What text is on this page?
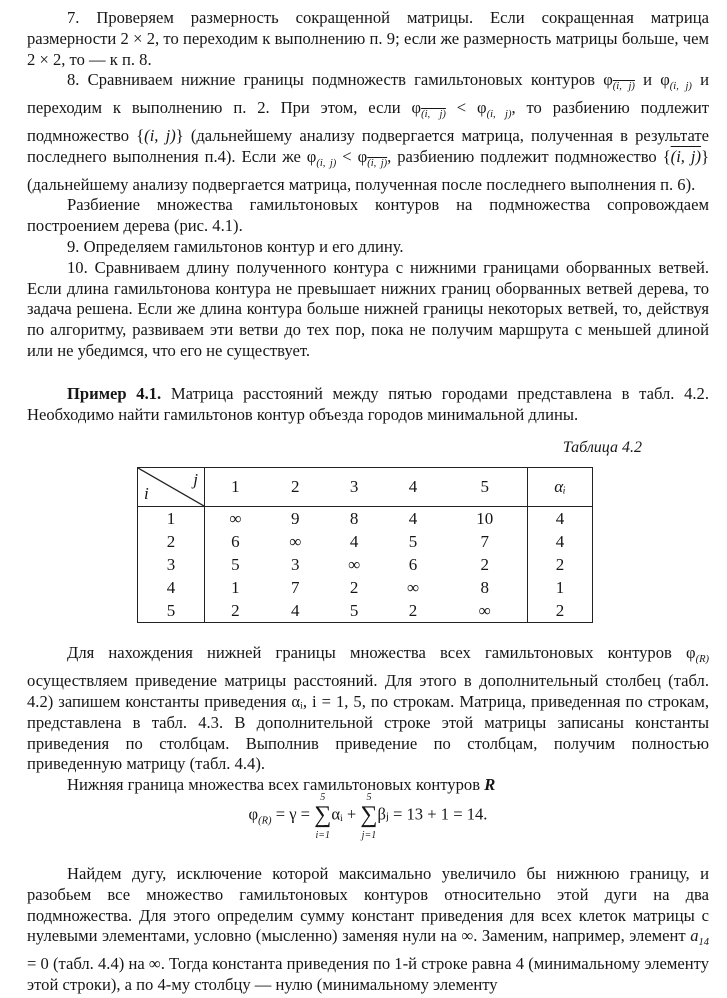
7. Проверяем размерность сокращенной матрицы. Если сокращенная матрица размерности 2 × 2, то переходим к выполнению п. 9; если же размерность матрицы больше, чем 2 × 2, то — к п. 8.

8. Сравниваем нижние границы подмножеств гамильтоновых контуров $\varphi_{(i, j)}$ и $\varphi_{(i, j)}$ и переходим к выполнению п. 2. При этом, если $\varphi_{(i, j)} < \varphi_{(i, j)}$, то разбиению подлежит подмножество {(i, j)} (дальнейшему анализу подвергается матрица, полученная в результате последнего выполнения п.4). Если же $\varphi_{(i, j)} < \varphi_{(i, j)}$, разбиению подлежит подмножество {(i, j)} (дальнейшему анализу подвергается матрица, полученная после последнего выполнения п. 6).

Разбиение множества гамильтоновых контуров на подмножества сопровождаем построением дерева (рис. 4.1).

9. Определяем гамильтонов контур и его длину.

10. Сравниваем длину полученного контура с нижними границами оборванных ветвей. Если длина гамильтонова контура не превышает нижних границ оборванных ветвей дерева, то задача решена. Если же длина контура больше нижней границы некоторых ветвей, то, действуя по алгоритму, развиваем эти ветви до тех пор, пока не получим маршрута с меньшей длиной или не убедимся, что его не существует.

Пример 4.1. Матрица расстояний между пятью городами представлена в табл. 4.2. Необходимо найти гамильтонов контур объезда городов минимальной длины.

Таблица 4.2
i
j	1	2	3	4	5	αᵢ
1	∞	9	8	4	10	4
2	6	∞	4	5	7	4
3	5	3	∞	6	2	2
4	1	7	2	∞	8	1
5	2	4	5	2	∞	2

Для нахождения нижней границы множества всех гамильтоновых контуров $\varphi_{(R)}$ осуществляем приведение матрицы расстояний. Для этого в дополнительный столбец (табл. 4.2) запишем константы приведения αᵢ, i = 1, 5, по строкам. Матрица, приведенная по строкам, представлена в табл. 4.3. В дополнительной строке этой матрицы записаны константы приведения по столбцам. Выполнив приведение по столбцам, получим полностью приведенную матрицу (табл. 4.4).

Нижняя граница множества всех гамильтоновых контуров R

$\varphi_{(R)} = \gamma$ = ∑
5
i=1
αᵢ + ∑
5
j=1
βⱼ = 13 + 1 = 14.

Найдем дугу, исключение которой максимально увеличило бы нижнюю границу, и разобьем все множество гамильтоновых контуров относительно этой дуги на два подмножества. Для этого определим сумму констант приведения для всех клеток матрицы с нулевыми элементами, условно (мысленно) заменяя нули на ∞. Заменим, например, элемент $a_{14} = 0$ (табл. 4.4) на ∞. Тогда константа приведения по 1-й строке равна 4 (минимальному элементу этой строки), а по 4-му столбцу — нулю (минимальному элементу
